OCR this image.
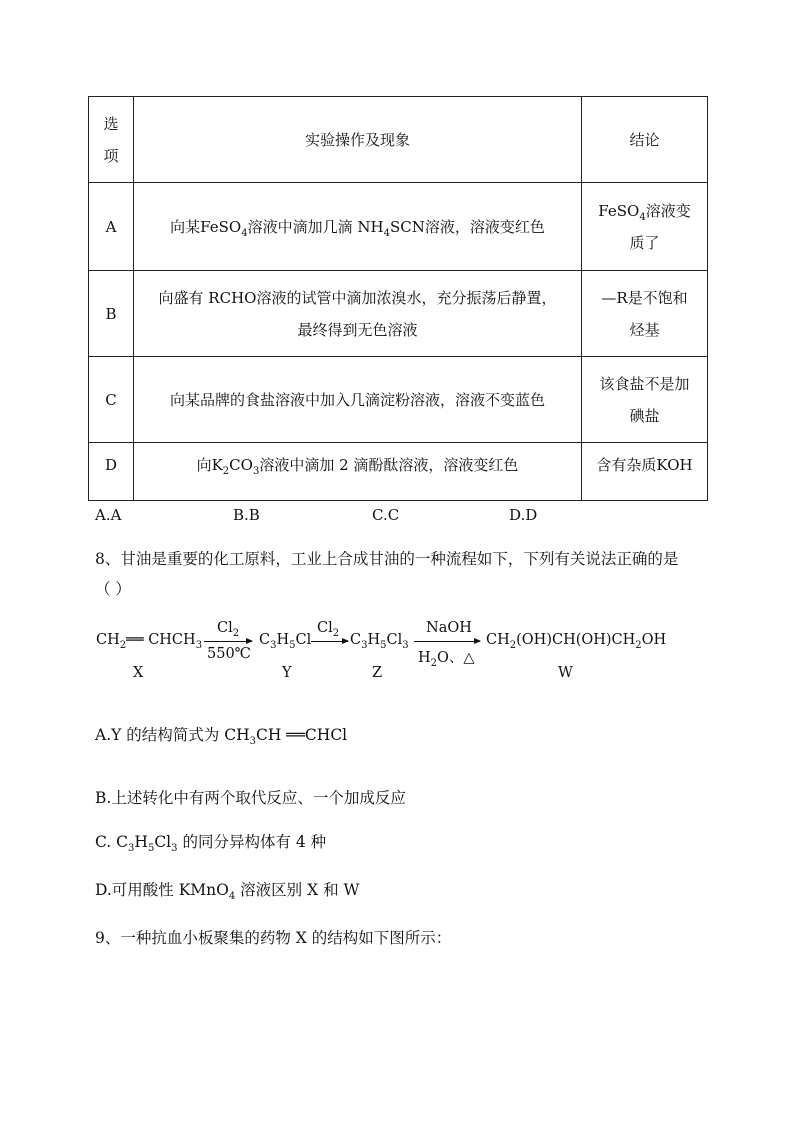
选
项	实验操作及现象	结论
A	向某FeSO$_4$溶液中滴加几滴 $NH_4SCN$溶液，溶液变红色	FeSO$_4$溶液变
质了
B	向盛有 RCHO溶液的试管中滴加浓溴水，充分振荡后静置，
最终得到无色溶液	—R是不饱和
烃基
C	向某品牌的食盐溶液中加入几滴淀粉溶液，溶液不变蓝色	该食盐不是加
碘盐
D	向$K_2CO_3$溶液中滴加 2 滴酚酞溶液，溶液变红色	含有杂质KOH
A.A	B.B	C.C	D.D
8、甘油是重要的化工原料，工业上合成甘油的一种流程如下，下列有关说法正确的是
（ ）
$CH_2══$ $CHCH_3$
$Cl_2$
550℃
$C_3H_5Cl$
$Cl_2 \to C_3H_5Cl_3$
NaOH
$H_2O$、△
$CH_2(OH)CH(OH)CH_2OH$
X	Y	Z	W
A.Y 的结构简式为 $CH_3CH$ ══CHCl
B.上述转化中有两个取代反应、一个加成反应
C. $C_3H_5Cl_3$ 的同分异构体有 4 种
D.可用酸性 KMnO$_4$ 溶液区别 X 和 W
9、一种抗血小板聚集的药物 X 的结构如下图所示：
